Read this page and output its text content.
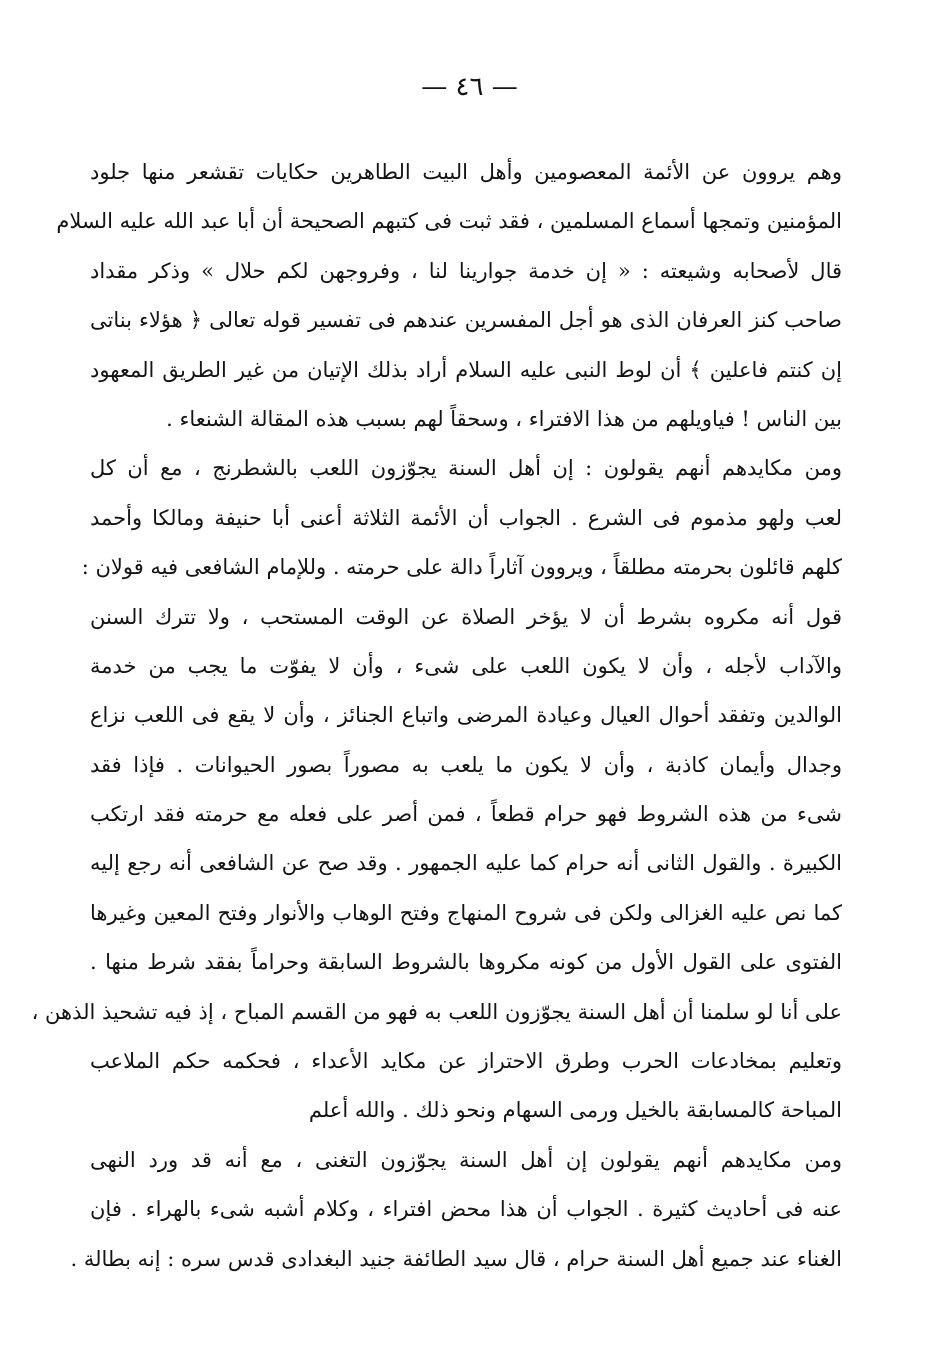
— ٤٦ —
وهم يروون عن الأئمة المعصومين وأهل البيت الطاهرين حكايات تقشعر منها جلود
المؤمنين وتمجها أسماع المسلمين ، فقد ثبت فى كتبهم الصحيحة أن أبا عبد الله عليه السلام
قال لأصحابه وشيعته : « إن خدمة جوارينا لنا ، وفروجهن لكم حلال » وذكر مقداد
صاحب كنز العرفان الذى هو أجل المفسرين عندهم فى تفسير قوله تعالى ﴿ هؤلاء بناتى
إن كنتم فاعلين ﴾ أن لوط النبى عليه السلام أراد بذلك الإتيان من غير الطريق المعهود
بين الناس ! فياويلهم من هذا الافتراء ، وسحقاً لهم بسبب هذه المقالة الشنعاء .
ومن مكايدهم أنهم يقولون : إن أهل السنة يجوّزون اللعب بالشطرنج ، مع أن كل
لعب ولهو مذموم فى الشرع . الجواب أن الأئمة الثلاثة أعنى أبا حنيفة ومالكا وأحمد
كلهم قائلون بحرمته مطلقاً ، ويروون آثاراً دالة على حرمته . وللإمام الشافعى فيه قولان :
قول أنه مكروه بشرط أن لا يؤخر الصلاة عن الوقت المستحب ، ولا تترك السنن
والآداب لأجله ، وأن لا يكون اللعب على شىء ، وأن لا يفوّت ما يجب من خدمة
الوالدين وتفقد أحوال العيال وعيادة المرضى واتباع الجنائز ، وأن لا يقع فى اللعب نزاع
وجدال وأيمان كاذبة ، وأن لا يكون ما يلعب به مصوراً بصور الحيوانات . فإذا فقد
شىء من هذه الشروط فهو حرام قطعاً ، فمن أصر على فعله مع حرمته فقد ارتكب
الكبيرة . والقول الثانى أنه حرام كما عليه الجمهور . وقد صح عن الشافعى أنه رجع إليه
كما نص عليه الغزالى ولكن فى شروح المنهاج وفتح الوهاب والأنوار وفتح المعين وغيرها
الفتوى على القول الأول من كونه مكروها بالشروط السابقة وحراماً بفقد شرط منها .
على أنا لو سلمنا أن أهل السنة يجوّزون اللعب به فهو من القسم المباح ، إذ فيه تشحيذ الذهن ،
وتعليم بمخادعات الحرب وطرق الاحتراز عن مكايد الأعداء ، فحكمه حكم الملاعب
المباحة كالمسابقة بالخيل ورمى السهام ونحو ذلك . والله أعلم
ومن مكايدهم أنهم يقولون إن أهل السنة يجوّزون التغنى ، مع أنه قد ورد النهى
عنه فى أحاديث كثيرة . الجواب أن هذا محض افتراء ، وكلام أشبه شىء بالهراء . فإن
الغناء عند جميع أهل السنة حرام ، قال سيد الطائفة جنيد البغدادى قدس سره : إنه بطالة .
